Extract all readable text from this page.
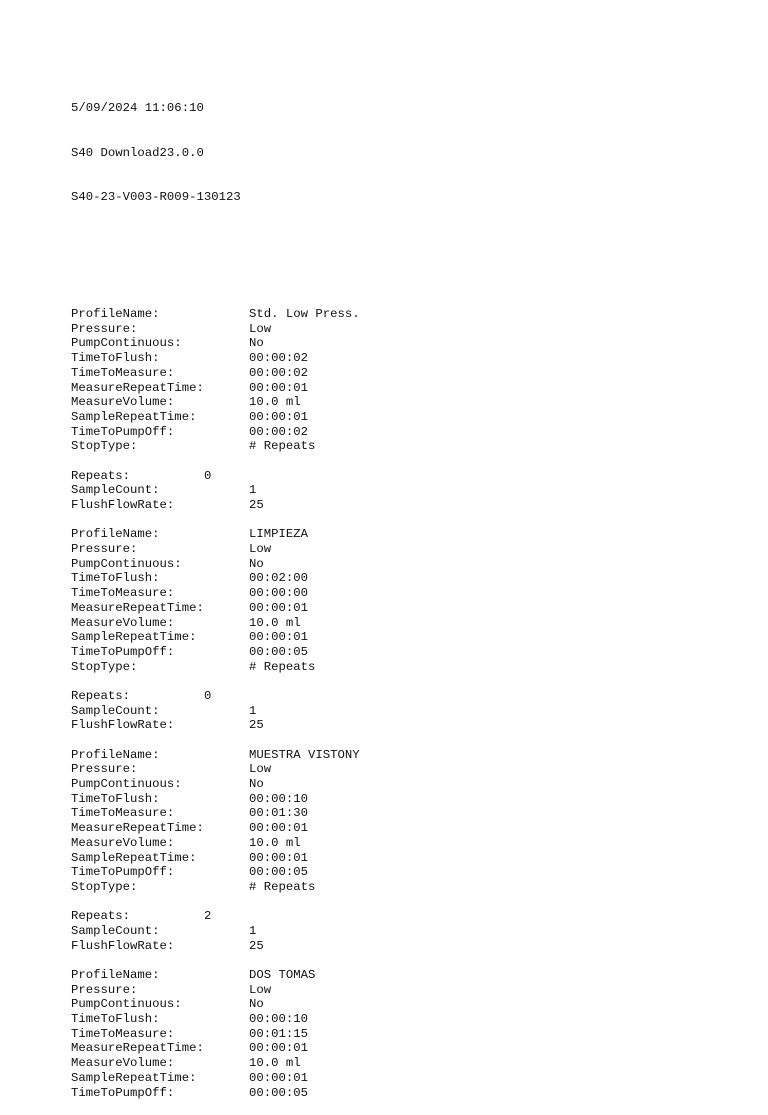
5/09/2024 11:06:10

S40 Download23.0.0

S40-23-V003-R009-130123

ProfileName:	Std. Low Press.
Pressure:	Low
PumpContinuous:	No
TimeToFlush:	00:00:02
TimeToMeasure:	00:00:02
MeasureRepeatTime:	00:00:01
MeasureVolume:	10.0 ml
SampleRepeatTime:	00:00:01
TimeToPumpOff:	00:00:02
StopType:	# Repeats
Repeats:	0
SampleCount:	1
FlushFlowRate:	25
ProfileName:	LIMPIEZA
Pressure:	Low
PumpContinuous:	No
TimeToFlush:	00:02:00
TimeToMeasure:	00:00:00
MeasureRepeatTime:	00:00:01
MeasureVolume:	10.0 ml
SampleRepeatTime:	00:00:01
TimeToPumpOff:	00:00:05
StopType:	# Repeats
Repeats:	0
SampleCount:	1
FlushFlowRate:	25
ProfileName:	MUESTRA VISTONY
Pressure:	Low
PumpContinuous:	No
TimeToFlush:	00:00:10
TimeToMeasure:	00:01:30
MeasureRepeatTime:	00:00:01
MeasureVolume:	10.0 ml
SampleRepeatTime:	00:00:01
TimeToPumpOff:	00:00:05
StopType:	# Repeats
Repeats:	2
SampleCount:	1
FlushFlowRate:	25
ProfileName:	DOS TOMAS
Pressure:	Low
PumpContinuous:	No
TimeToFlush:	00:00:10
TimeToMeasure:	00:01:15
MeasureRepeatTime:	00:00:01
MeasureVolume:	10.0 ml
SampleRepeatTime:	00:00:01
TimeToPumpOff:	00:00:05
